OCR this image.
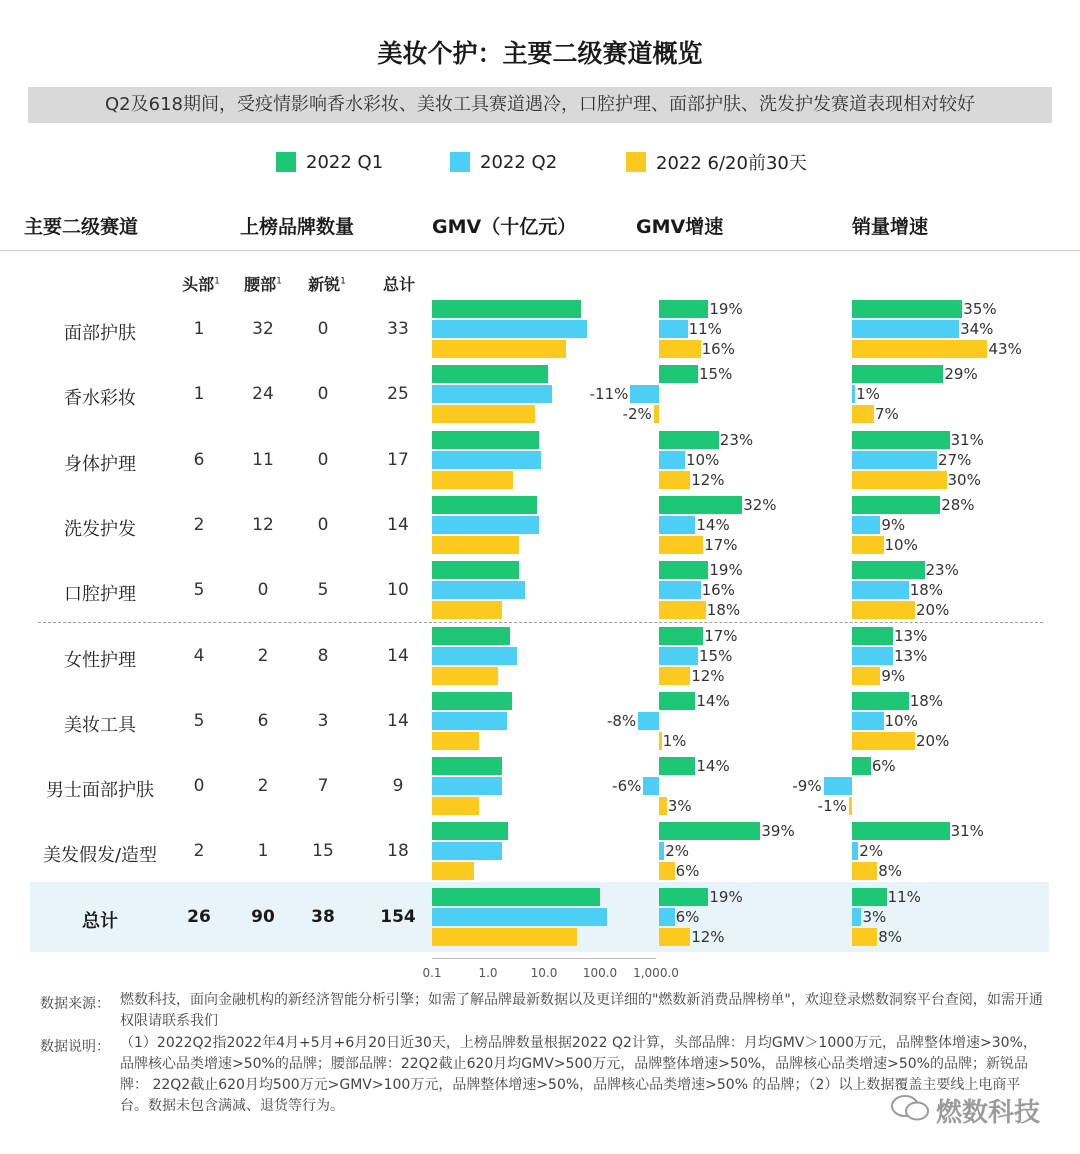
美妆个护：主要二级赛道概览
Q2及618期间，受疫情影响香水彩妆、美妆工具赛道遇冷，口腔护理、面部护肤、洗发护发赛道表现相对较好
2022 Q1	2022 Q2	2022 6/20前30天
主要二级赛道	上榜品牌数量	GMV（十亿元）	GMV增速	销量增速
头部$^1$	腰部$^1$	新锐$^1$	总计
面部护肤	1	32	0	33
19%	35%
11%	34%
16%	43%
香水彩妆	1	24	0	25
15%	29%
-11%	1%
-2%	7%
身体护理	6	11	0	17
23%	31%
10%	27%
12%	30%
洗发护发	2	12	0	14
32%	28%
14%	9%
17%	10%
口腔护理	5	0	5	10
19%	23%
16%	18%
18%	20%
女性护理	4	2	8	14
17%	13%
15%	13%
12%	9%
美妆工具	5	6	3	14
14%	18%
-8%	10%
1%	20%
男士面部护肤	0	2	7	9
14%	6%
-6%	-9%
3%	-1%
美发假发/造型	2	1	15	18
39%	31%
2%	2%
6%	8%
总计	26	90	38	154
19%	11%
6%	3%
12%	8%
0.1	1.0	10.0 100.0 1,000.0
数据来源： 燃数科技，面向金融机构的新经济智能分析引擎；如需了解品牌最新数据以及更详细的"燃数新消费品牌榜单"，欢迎登录燃数洞察平台查阅，如需开通权限请联系我们
数据说明： （1）2022Q2指2022年4月+5月+6月20日近30天，上榜品牌数量根据2022 Q2计算，头部品牌：月均GMV＞1000万元，品牌整体增速>30%，品牌核心品类增速>50%的品牌；腰部品牌：22Q2截止620月均GMV>500万元，品牌整体增速>50%，品牌核心品类增速>50%的品牌；新锐品牌： 22Q2截止620月均500万元>GMV>100万元，品牌整体增速>50%，品牌核心品类增速>50% 的品牌；（2）以上数据覆盖主要线上电商平台。数据未包含满减、退货等行为。	燃数科技
